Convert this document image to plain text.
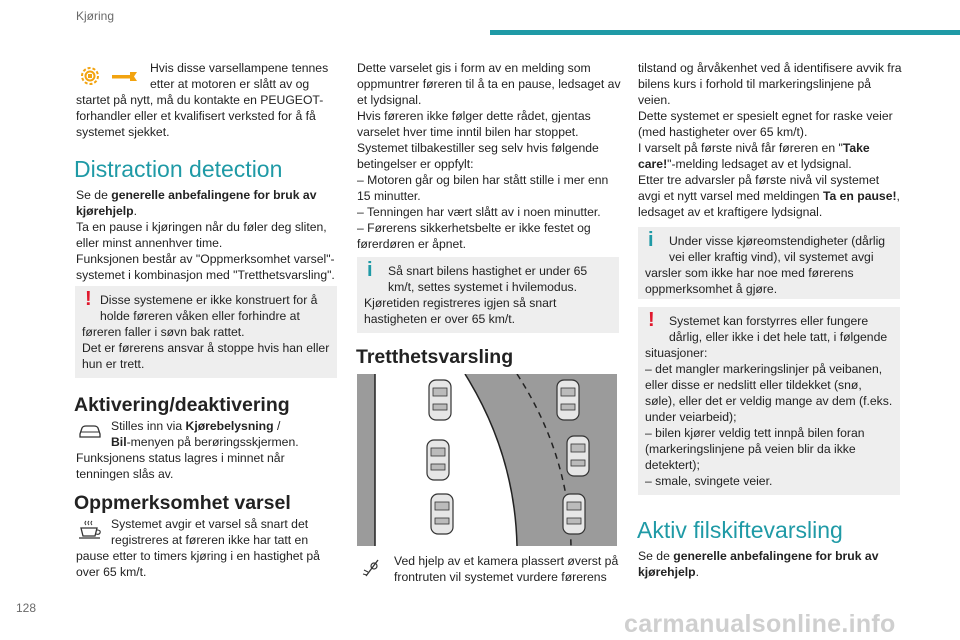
Kjøring

Hvis disse varsellampene tennes

etter at motoren er slått av og

startet på nytt, må du kontakte en PEUGEOT-

forhandler eller et kvalifisert verksted for å få

systemet sjekket.

Distraction detection

Se de generelle anbefalingene for bruk av

kjørehjelp.

Ta en pause i kjøringen når du føler deg sliten,

eller minst annenhver time.

Funksjonen består av "Oppmerksomhet varsel"-

systemet i kombinasjon med "Tretthetsvarsling".

! Disse systemene er ikke konstruert for å

holde føreren våken eller forhindre at

føreren faller i søvn bak rattet.

Det er førerens ansvar å stoppe hvis han eller

hun er trett.

Aktivering/deaktivering

Stilles inn via Kjørebelysning /

Bil-menyen på berøringsskjermen.

Funksjonens status lagres i minnet når

tenningen slås av.

Oppmerksomhet varsel

Systemet avgir et varsel så snart det

registreres at føreren ikke har tatt en

pause etter to timers kjøring i en hastighet på

over 65 km/t.

Dette varselet gis i form av en melding som

oppmuntrer føreren til å ta en pause, ledsaget av

et lydsignal.

Hvis føreren ikke følger dette rådet, gjentas

varselet hver time inntil bilen har stoppet.

Systemet tilbakestiller seg selv hvis følgende

betingelser er oppfylt:

– Motoren går og bilen har stått stille i mer enn

15 minutter.

– Tenningen har vært slått av i noen minutter.

– Førerens sikkerhetsbelte er ikke festet og

førerdøren er åpnet.

i Så snart bilens hastighet er under 65

km/t, settes systemet i hvilemodus.

Kjøretiden registreres igjen så snart

hastigheten er over 65 km/t.

Tretthetsvarsling

Ved hjelp av et kamera plassert øverst på

frontruten vil systemet vurdere førerens

tilstand og årvåkenhet ved å identifisere avvik fra

bilens kurs i forhold til markeringslinjene på

veien.

Dette systemet er spesielt egnet for raske veier

(med hastigheter over 65 km/t).

I varselt på første nivå får føreren en "Take

care!"-melding ledsaget av et lydsignal.

Etter tre advarsler på første nivå vil systemet

avgi et nytt varsel med meldingen Ta en pause!,

ledsaget av et kraftigere lydsignal.

i Under visse kjøreomstendigheter (dårlig

vei eller kraftig vind), vil systemet avgi

varsler som ikke har noe med førerens

oppmerksomhet å gjøre.

! Systemet kan forstyrres eller fungere

dårlig, eller ikke i det hele tatt, i følgende

situasjoner:

– det mangler markeringslinjer på veibanen,

eller disse er nedslitt eller tildekket (snø,

søle), eller det er veldig mange av dem (f.eks.

under veiarbeid);

– bilen kjører veldig tett innpå bilen foran

(markeringslinjene på veien blir da ikke

detektert);

– smale, svingete veier.

Aktiv filskiftevarsling

Se de generelle anbefalingene for bruk av

kjørehjelp.

128
carmanualsonline.info
